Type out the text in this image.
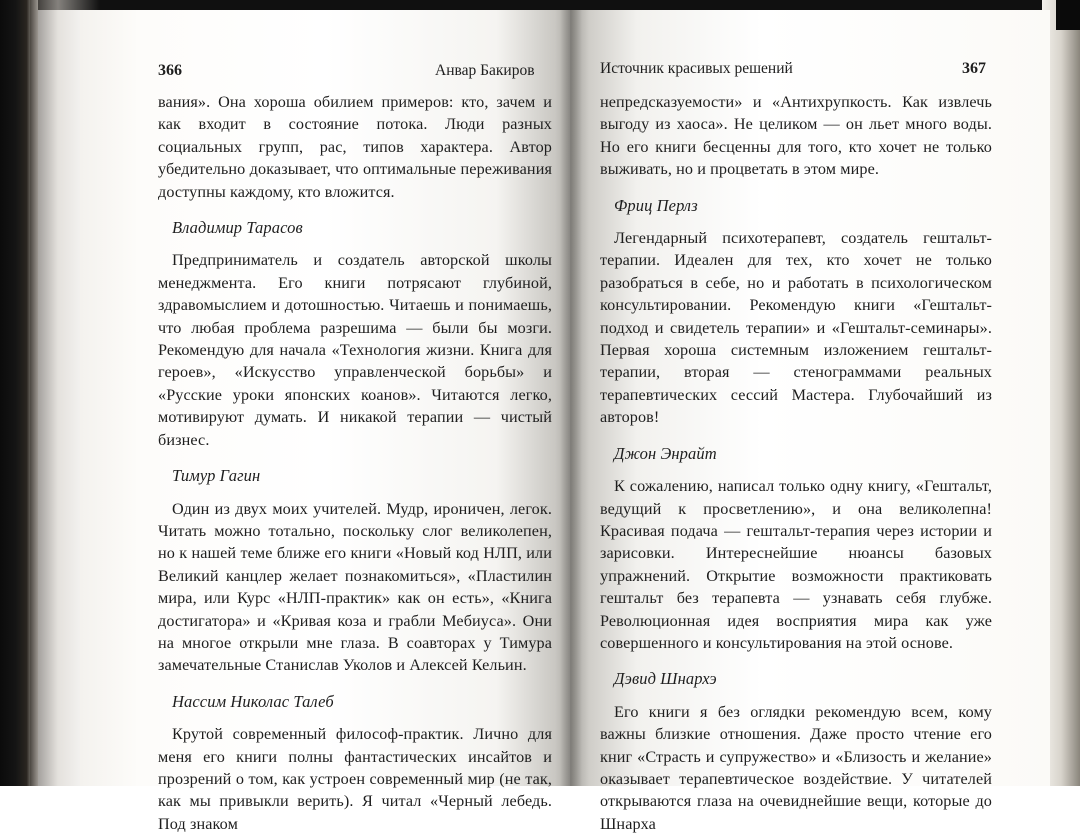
366	Анвар Бакиров	Источник красивых решений	367

вания». Она хороша обилием примеров: кто, зачем и как входит в состояние потока. Люди разных социальных групп, рас, типов характера. Автор убедительно доказывает, что оптимальные переживания доступны каждому, кто вложится.

Владимир Тарасов

Предприниматель и создатель авторской школы менеджмента. Его книги потрясают глубиной, здравомыслием и дотошностью. Читаешь и понимаешь, что любая проблема разрешима — были бы мозги. Рекомендую для начала «Технология жизни. Книга для героев», «Искусство управленческой борьбы» и «Русские уроки японских коанов». Читаются легко, мотивируют думать. И никакой терапии — чистый бизнес.

Тимур Гагин

Один из двух моих учителей. Мудр, ироничен, легок. Читать можно тотально, поскольку слог великолепен, но к нашей теме ближе его книги «Новый код НЛП, или Великий канцлер желает познакомиться», «Пластилин мира, или Курс «НЛП-практик» как он есть», «Книга достигатора» и «Кривая коза и грабли Мебиуса». Они на многое открыли мне глаза. В соавторах у Тимура замечательные Станислав Уколов и Алексей Кельин.

Нассим Николас Талеб

Крутой современный философ-практик. Лично для меня его книги полны фантастических инсайтов и прозрений о том, как устроен современный мир (не так, как мы привыкли верить). Я читал «Черный лебедь. Под знаком

непредсказуемости» и «Антихрупкость. Как извлечь выгоду из хаоса». Не целиком — он льет много воды. Но его книги бесценны для того, кто хочет не только выживать, но и процветать в этом мире.

Фриц Перлз

Легендарный психотерапевт, создатель гештальт-терапии. Идеален для тех, кто хочет не только разобраться в себе, но и работать в психологическом консультировании. Рекомендую книги «Гештальт-подход и свидетель терапии» и «Гештальт-семинары». Первая хороша системным изложением гештальт-терапии, вторая — стенограммами реальных терапевтических сессий Мастера. Глубочайший из авторов!

Джон Энрайт

К сожалению, написал только одну книгу, «Гештальт, ведущий к просветлению», и она великолепна! Красивая подача — гештальт-терапия через истории и зарисовки. Интереснейшие нюансы базовых упражнений. Открытие возможности практиковать гештальт без терапевта — узнавать себя глубже. Революционная идея восприятия мира как уже совершенного и консультирования на этой основе.

Дэвид Шнархэ

Его книги я без оглядки рекомендую всем, кому важны близкие отношения. Даже просто чтение его книг «Страсть и супружество» и «Близость и желание» оказывает терапевтическое воздействие. У читателей открываются глаза на очевиднейшие вещи, которые до Шнарха
